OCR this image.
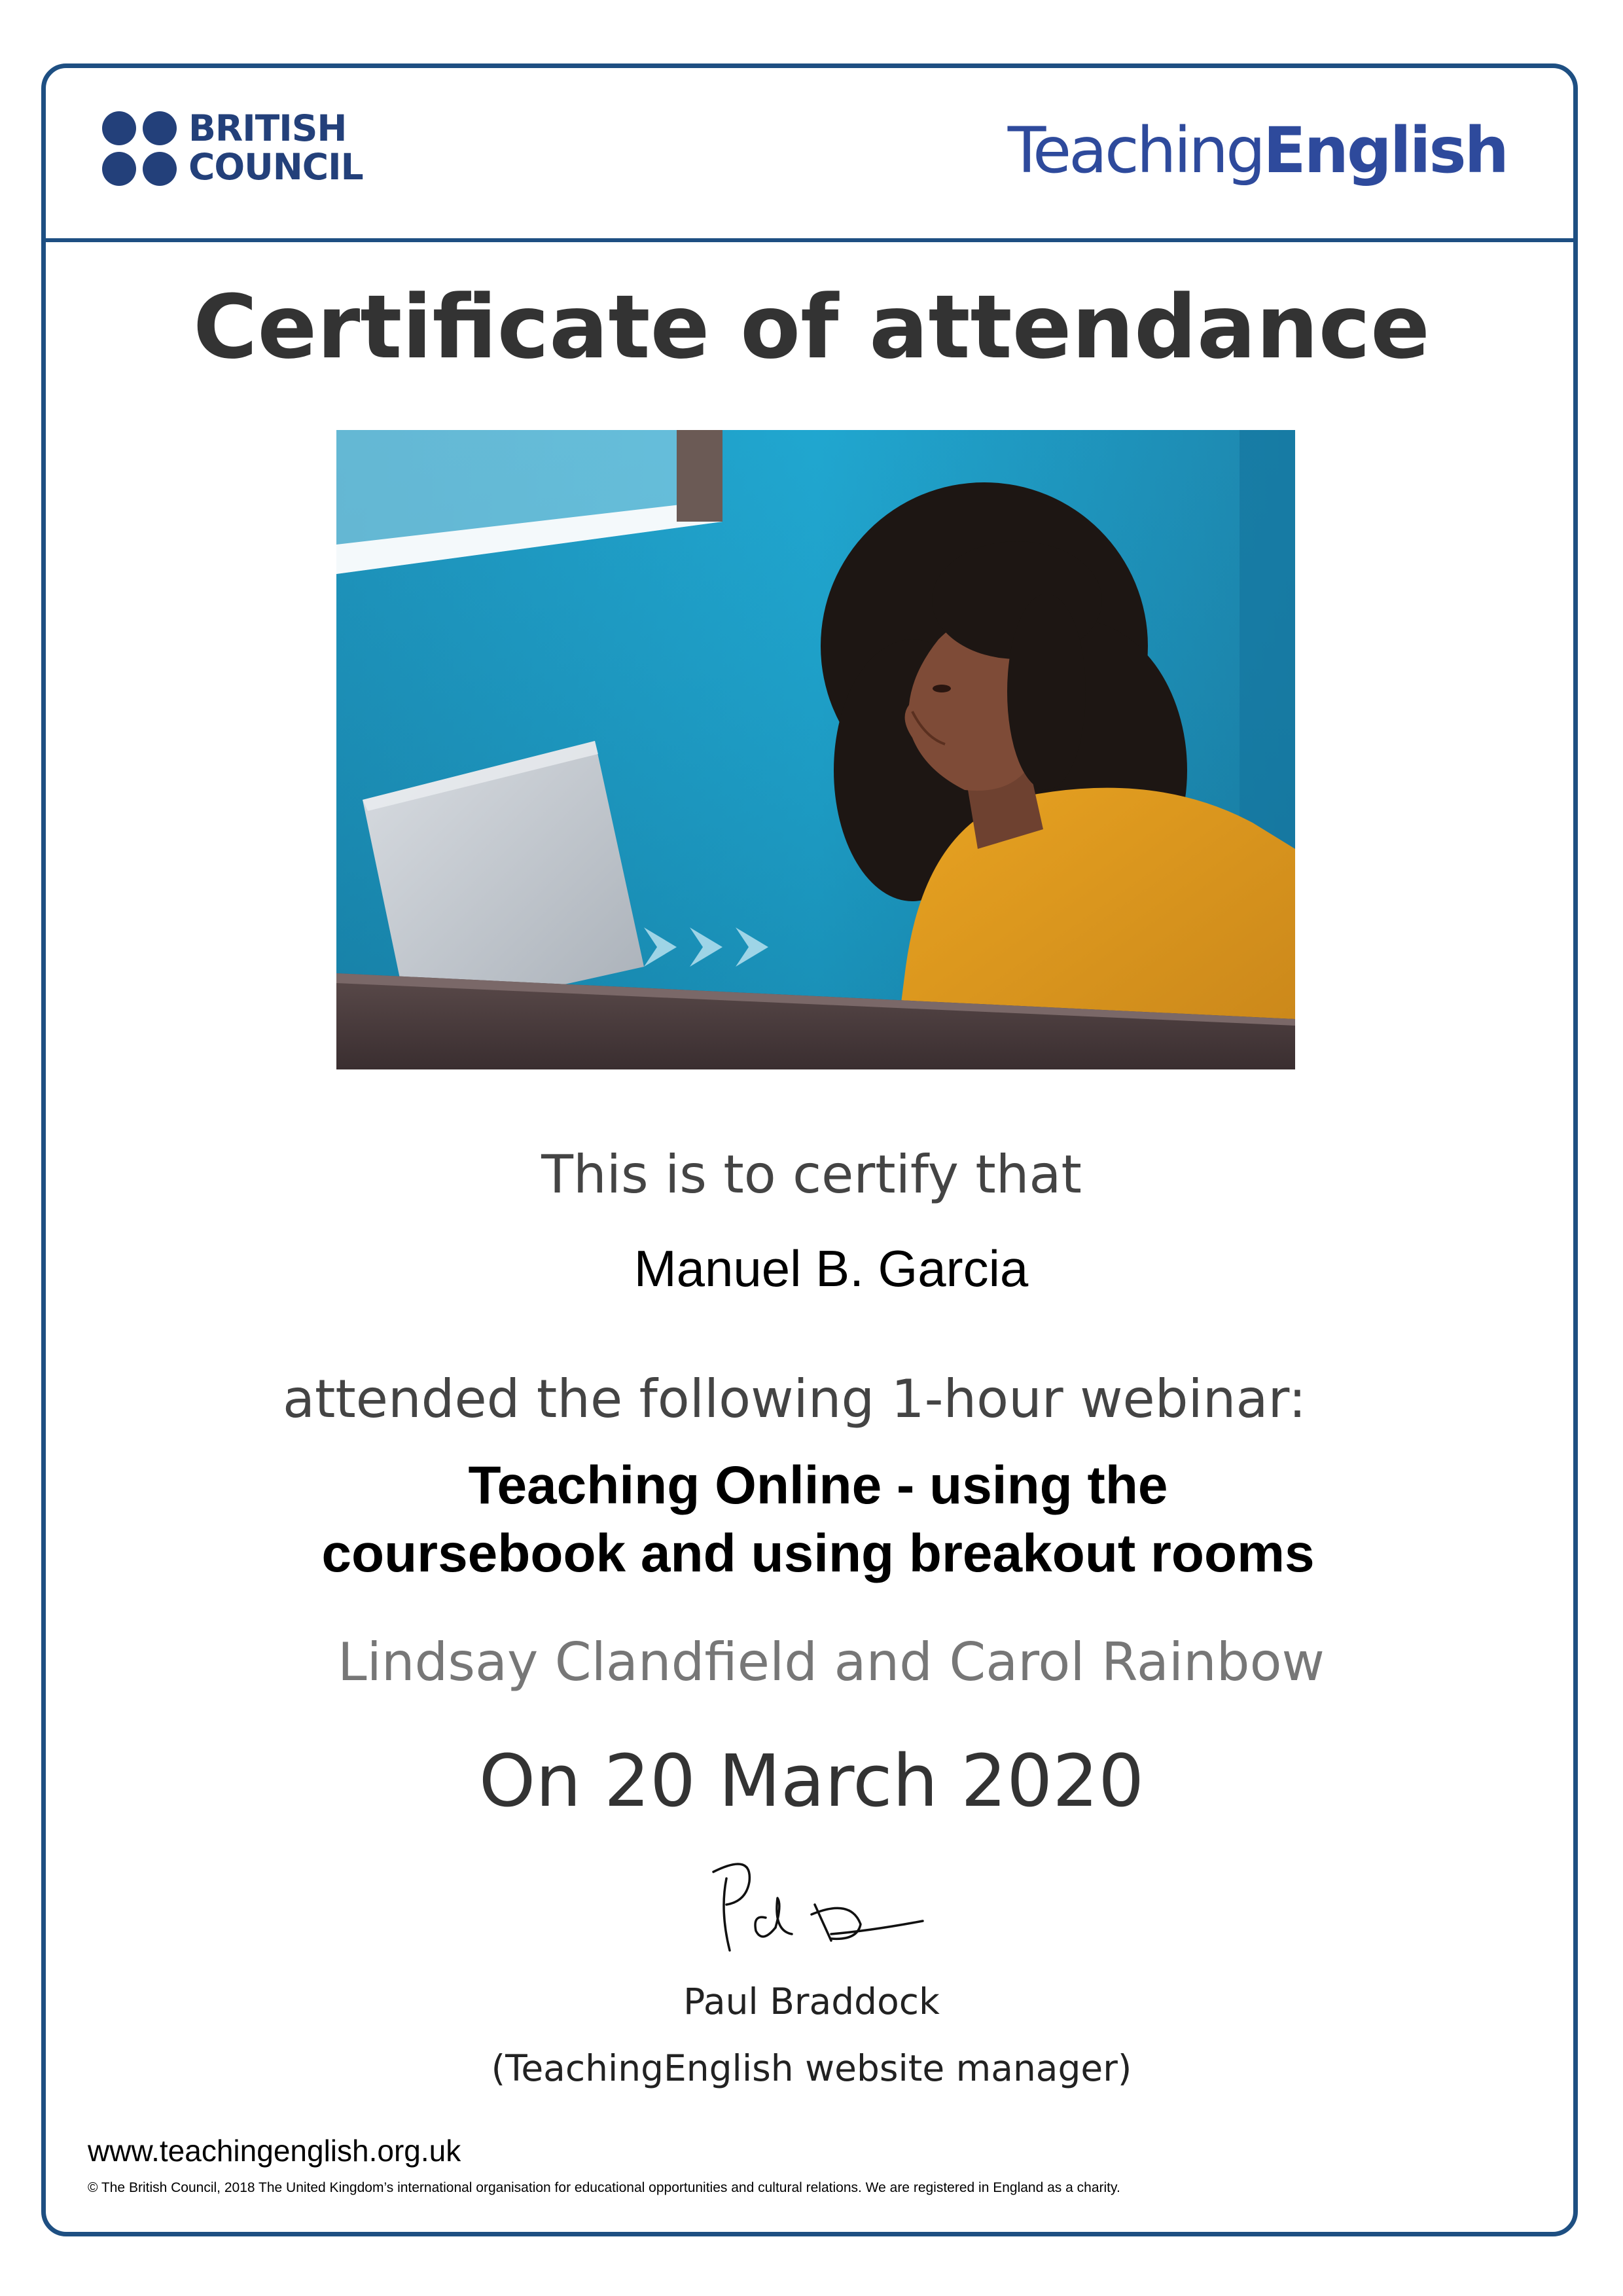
BRITISH
COUNCIL	TeachingEnglish
Certificate of attendance
This is to certify that
Manuel B. Garcia
attended the following 1-hour webinar:
Teaching Online - using the
coursebook and using breakout rooms
Lindsay Clandfield and Carol Rainbow
On 20 March 2020
Paul Braddock
(TeachingEnglish website manager)
www.teachingenglish.org.uk
© The British Council, 2018 The United Kingdom’s international organisation for educational opportunities and cultural relations. We are registered in England as a charity.
